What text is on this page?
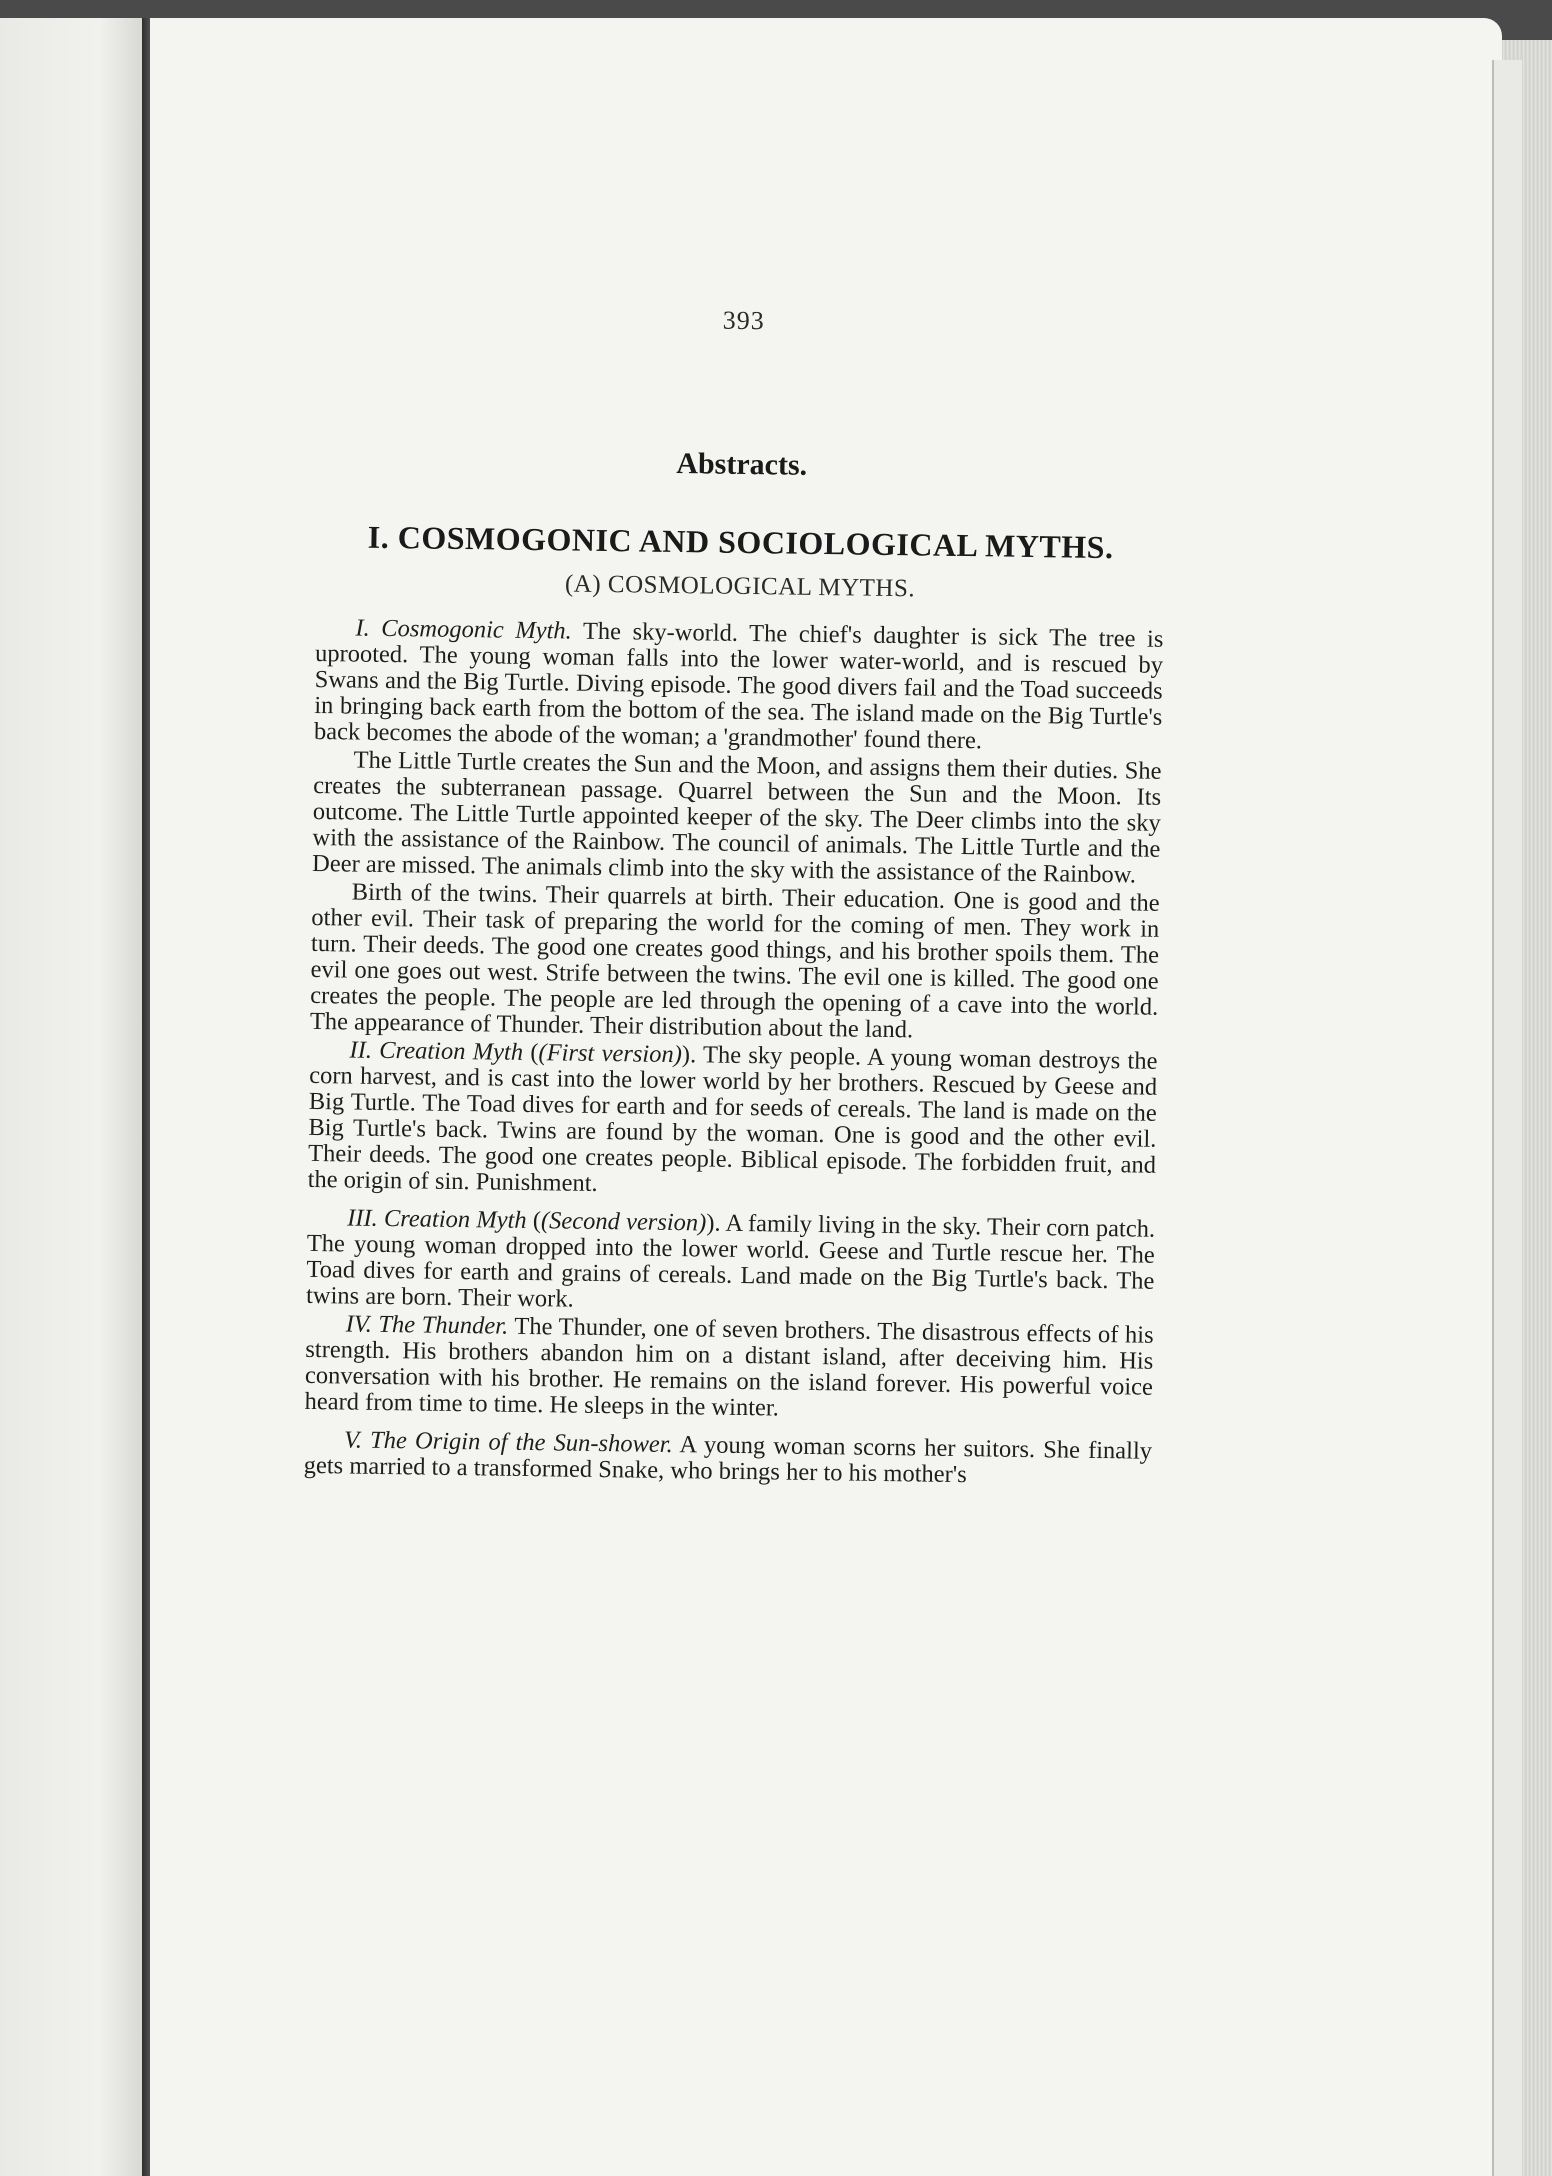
393
Abstracts.
I. COSMOGONIC AND SOCIOLOGICAL MYTHS.
(A) COSMOLOGICAL MYTHS.

I. Cosmogonic Myth. The sky-world. The chief's daughter is sick The tree is uprooted. The young woman falls into the lower water-world, and is rescued by Swans and the Big Turtle. Diving episode. The good divers fail and the Toad succeeds in bringing back earth from the bottom of the sea. The island made on the Big Turtle's back becomes the abode of the woman; a 'grandmother' found there.

The Little Turtle creates the Sun and the Moon, and assigns them their duties. She creates the subterranean passage. Quarrel between the Sun and the Moon. Its outcome. The Little Turtle appointed keeper of the sky. The Deer climbs into the sky with the assistance of the Rainbow. The council of animals. The Little Turtle and the Deer are missed. The animals climb into the sky with the assistance of the Rainbow.

Birth of the twins. Their quarrels at birth. Their education. One is good and the other evil. Their task of preparing the world for the coming of men. They work in turn. Their deeds. The good one creates good things, and his brother spoils them. The evil one goes out west. Strife between the twins. The evil one is killed. The good one creates the people. The people are led through the opening of a cave into the world. The appearance of Thunder. Their distribution about the land.

II. Creation Myth ((First version)). The sky people. A young woman destroys the corn harvest, and is cast into the lower world by her brothers. Rescued by Geese and Big Turtle. The Toad dives for earth and for seeds of cereals. The land is made on the Big Turtle's back. Twins are found by the woman. One is good and the other evil. Their deeds. The good one creates people. Biblical episode. The forbidden fruit, and the origin of sin. Punishment.

III. Creation Myth ((Second version)). A family living in the sky. Their corn patch. The young woman dropped into the lower world. Geese and Turtle rescue her. The Toad dives for earth and grains of cereals. Land made on the Big Turtle's back. The twins are born. Their work.

IV. The Thunder. The Thunder, one of seven brothers. The disastrous effects of his strength. His brothers abandon him on a distant island, after deceiving him. His conversation with his brother. He remains on the island forever. His powerful voice heard from time to time. He sleeps in the winter.

V. The Origin of the Sun-shower. A young woman scorns her suitors. She finally gets married to a transformed Snake, who brings her to his mother's
